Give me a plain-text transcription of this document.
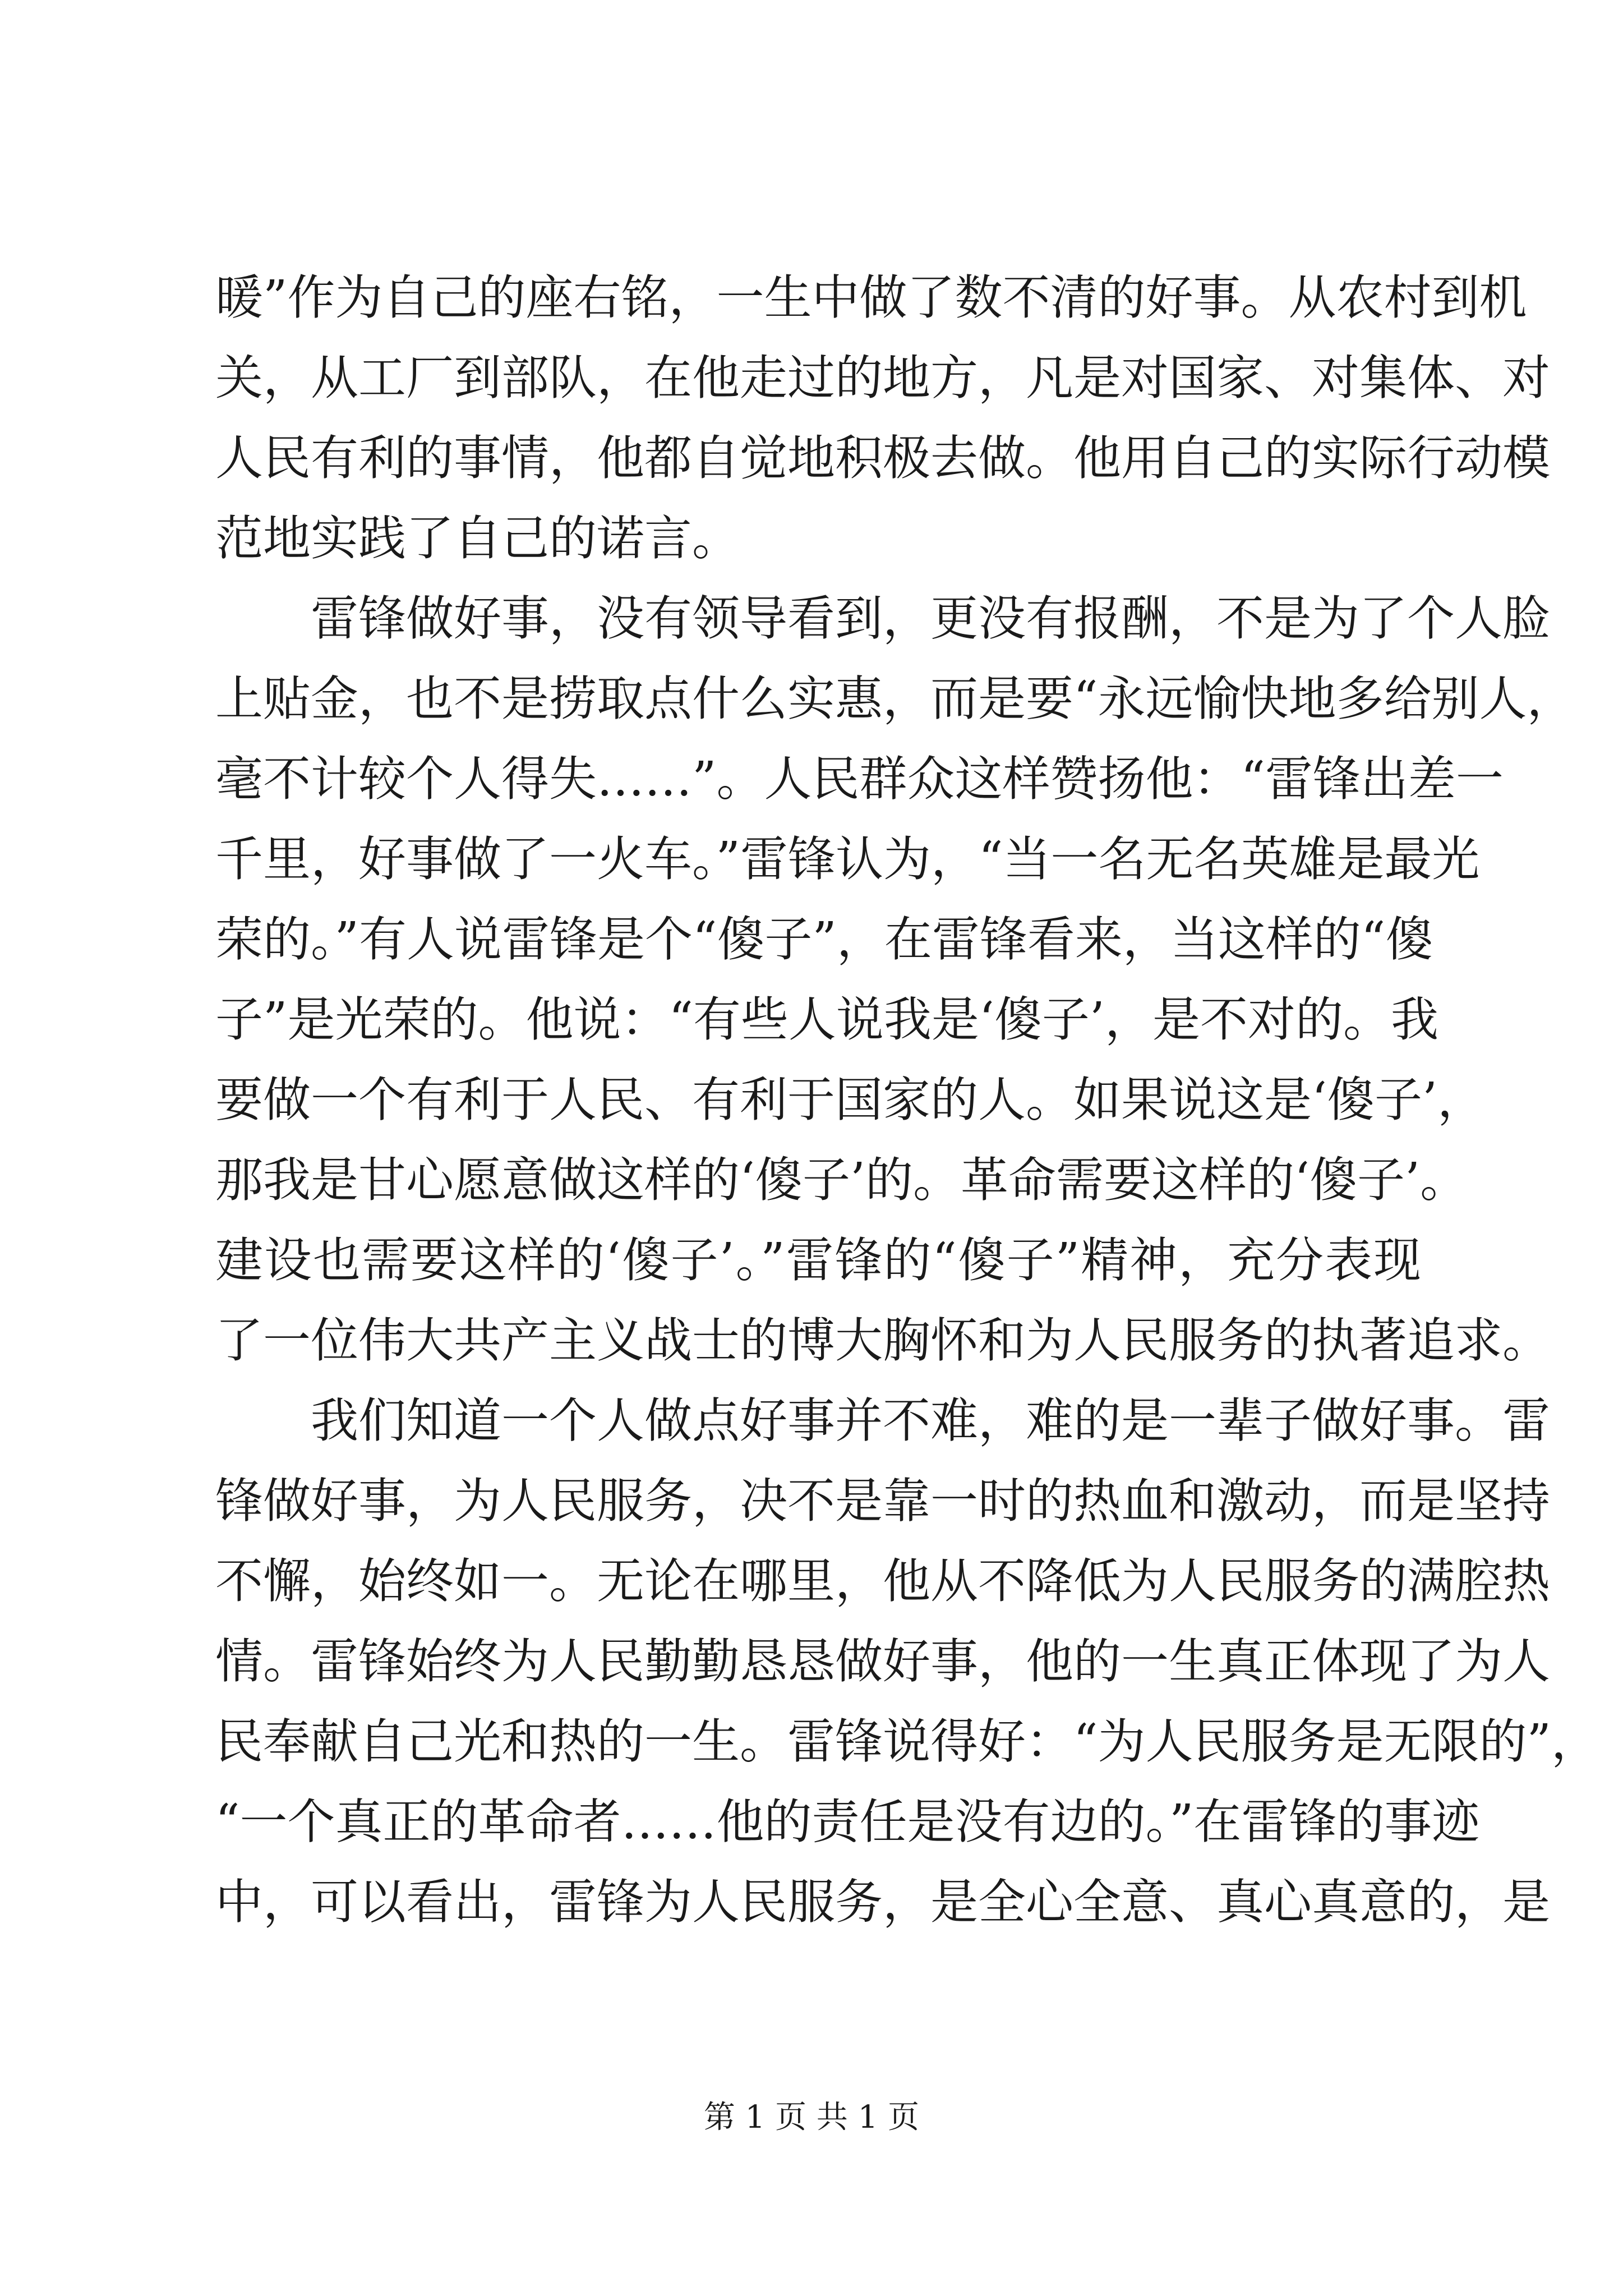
暖”作为自己的座右铭，一生中做了数不清的好事。从农村到机
关，从工厂到部队，在他走过的地方，凡是对国家、对集体、对
人民有利的事情，他都自觉地积极去做。他用自己的实际行动模
范地实践了自己的诺言。
雷锋做好事，没有领导看到，更没有报酬，不是为了个人脸
上贴金，也不是捞取点什么实惠，而是要“永远愉快地多给别人，
毫不计较个人得失……”。人民群众这样赞扬他：“雷锋出差一
千里，好事做了一火车。”雷锋认为，“当一名无名英雄是最光
荣的。”有人说雷锋是个“傻子”，在雷锋看来，当这样的“傻
子”是光荣的。他说：“有些人说我是‘傻子’，是不对的。我
要做一个有利于人民、有利于国家的人。如果说这是‘傻子’，
那我是甘心愿意做这样的‘傻子’的。革命需要这样的‘傻子’。
建设也需要这样的‘傻子’。”雷锋的“傻子”精神，充分表现
了一位伟大共产主义战士的博大胸怀和为人民服务的执著追求。
我们知道一个人做点好事并不难，难的是一辈子做好事。雷
锋做好事，为人民服务，决不是靠一时的热血和激动，而是坚持
不懈，始终如一。无论在哪里，他从不降低为人民服务的满腔热
情。雷锋始终为人民勤勤恳恳做好事，他的一生真正体现了为人
民奉献自己光和热的一生。雷锋说得好：“为人民服务是无限的”，
“一个真正的革命者……他的责任是没有边的。”在雷锋的事迹
中，可以看出，雷锋为人民服务，是全心全意、真心真意的，是
第 1 页 共 1 页
